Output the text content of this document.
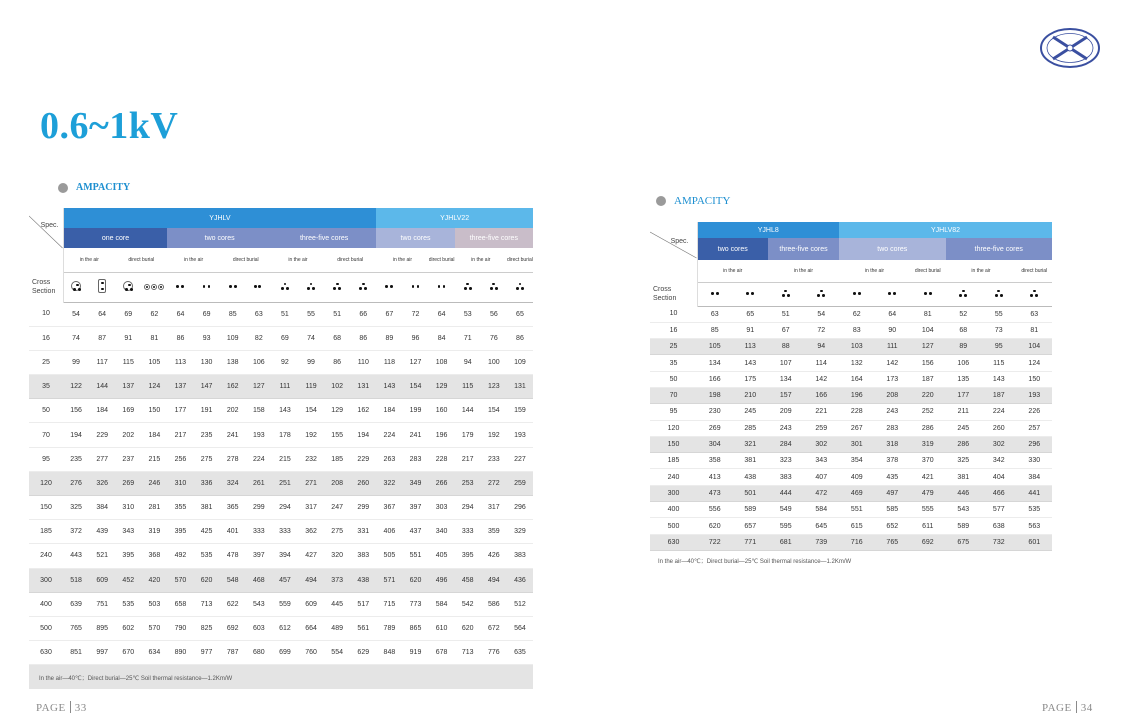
0.6~1kV
AMPACITY
AMPACITY
Spec.
Cross Section	YJHLV												YJHLV22					
	one core				two cores				three-five cores				two cores			three-five cores		
	in the air		direct burial		in the air		direct burial		in the air		direct burial		in the air		direct burial	in the air		direct burial

10	54	64	69	62	64	69	85	63	51	55	51	66	67	72	64	53	56	65
16	74	87	91	81	86	93	109	82	69	74	68	86	89	96	84	71	76	86
25	99	117	115	105	113	130	138	106	92	99	86	110	118	127	108	94	100	109
35	122	144	137	124	137	147	162	127	111	119	102	131	143	154	129	115	123	131
50	156	184	169	150	177	191	202	158	143	154	129	162	184	199	160	144	154	159
70	194	229	202	184	217	235	241	193	178	192	155	194	224	241	196	179	192	193
95	235	277	237	215	256	275	278	224	215	232	185	229	263	283	228	217	233	227
120	276	326	269	246	310	336	324	261	251	271	208	260	322	349	266	253	272	259
150	325	384	310	281	355	381	365	299	294	317	247	299	367	397	303	294	317	296
185	372	439	343	319	395	425	401	333	333	362	275	331	406	437	340	333	359	329
240	443	521	395	368	492	535	478	397	394	427	320	383	505	551	405	395	426	383
300	518	609	452	420	570	620	548	468	457	494	373	438	571	620	496	458	494	436
400	639	751	535	503	658	713	622	543	559	609	445	517	715	773	584	542	586	512
500	765	895	602	570	790	825	692	603	612	664	489	561	789	865	610	620	672	564
630	851	997	670	634	890	977	787	680	699	760	554	629	848	919	678	713	776	635
In the air—40℃；Direct burial—25℃ Soil thermal resistance—1.2Km/W																		
Spec.
Cross Section	YJHL8				YJHLV82					
	two cores		three-five cores		two cores			three-five cores		
	in the air		in the air		in the air		direct burial	in the air		direct burial

10	63	65	51	54	62	64	81	52	55	63
16	85	91	67	72	83	90	104	68	73	81
25	105	113	88	94	103	111	127	89	95	104
35	134	143	107	114	132	142	156	106	115	124
50	166	175	134	142	164	173	187	135	143	150
70	198	210	157	166	196	208	220	177	187	193
95	230	245	209	221	228	243	252	211	224	226
120	269	285	243	259	267	283	286	245	260	257
150	304	321	284	302	301	318	319	286	302	296
185	358	381	323	343	354	378	370	325	342	330
240	413	438	383	407	409	435	421	381	404	384
300	473	501	444	472	469	497	479	446	466	441
400	556	589	549	584	551	585	555	543	577	535
500	620	657	595	645	615	652	611	589	638	563
630	722	771	681	739	716	765	692	675	732	601
In the air—40℃；Direct burial—25℃ Soil thermal resistance—1.2Km/W										
PAGE 33	PAGE 34
